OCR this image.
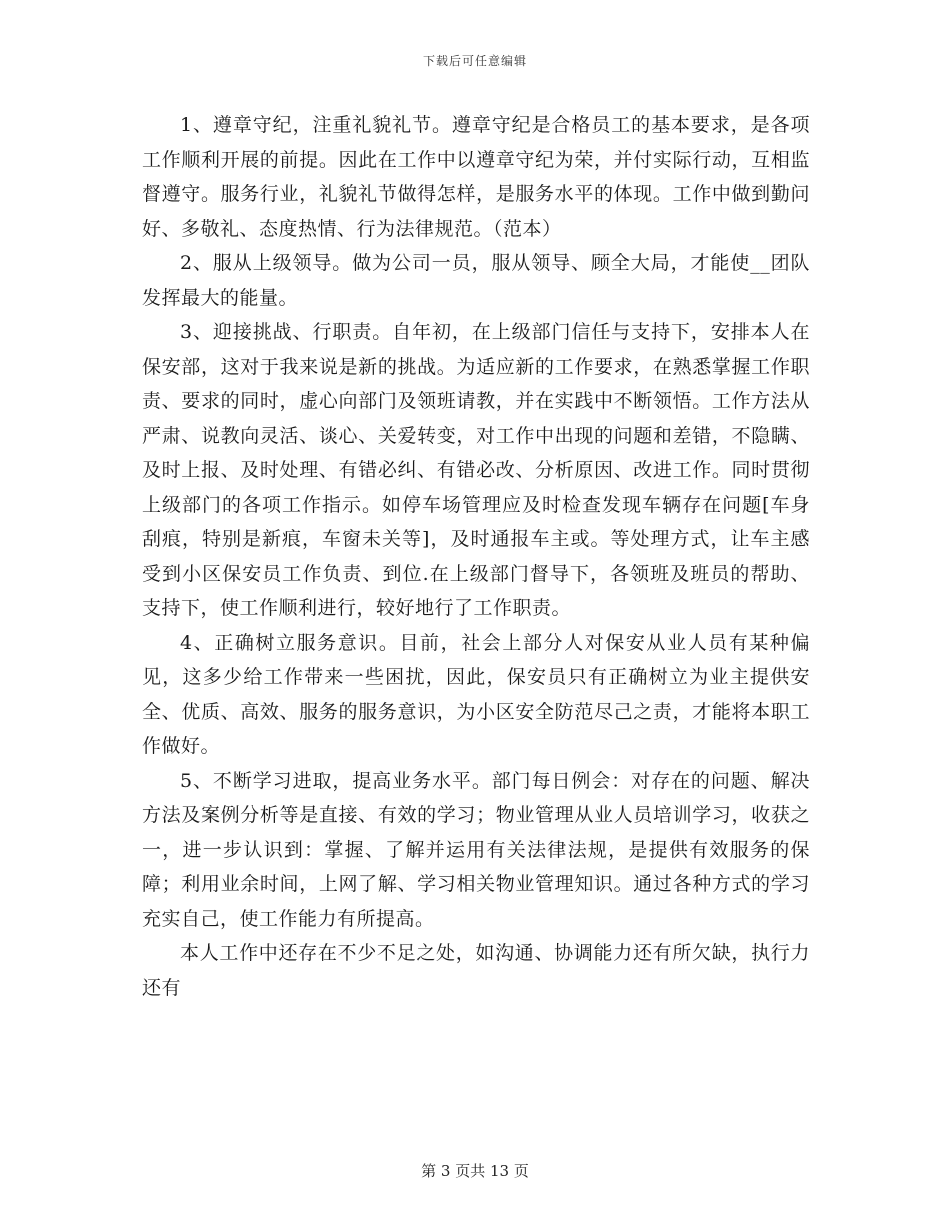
下载后可任意编辑

1、遵章守纪，注重礼貌礼节。遵章守纪是合格员工的基本要求，是各项工作顺利开展的前提。因此在工作中以遵章守纪为荣，并付实际行动，互相监督遵守。服务行业，礼貌礼节做得怎样，是服务水平的体现。工作中做到勤问好、多敬礼、态度热情、行为法律规范。（范本）

2、服从上级领导。做为公司一员，服从领导、顾全大局，才能使__团队发挥最大的能量。

3、迎接挑战、行职责。自年初，在上级部门信任与支持下，安排本人在保安部，这对于我来说是新的挑战。为适应新的工作要求，在熟悉掌握工作职责、要求的同时，虚心向部门及领班请教，并在实践中不断领悟。工作方法从严肃、说教向灵活、谈心、关爱转变，对工作中出现的问题和差错，不隐瞒、及时上报、及时处理、有错必纠、有错必改、分析原因、改进工作。同时贯彻上级部门的各项工作指示。如停车场管理应及时检查发现车辆存在问题[车身刮痕，特别是新痕，车窗未关等]，及时通报车主或。等处理方式，让车主感受到小区保安员工作负责、到位.在上级部门督导下，各领班及班员的帮助、支持下，使工作顺利进行，较好地行了工作职责。

4、正确树立服务意识。目前，社会上部分人对保安从业人员有某种偏见，这多少给工作带来一些困扰，因此，保安员只有正确树立为业主提供安全、优质、高效、服务的服务意识，为小区安全防范尽己之责，才能将本职工作做好。

5、不断学习进取，提高业务水平。部门每日例会：对存在的问题、解决方法及案例分析等是直接、有效的学习；物业管理从业人员培训学习，收获之一，进一步认识到：掌握、了解并运用有关法律法规，是提供有效服务的保障；利用业余时间，上网了解、学习相关物业管理知识。通过各种方式的学习充实自己，使工作能力有所提高。

本人工作中还存在不少不足之处，如沟通、协调能力还有所欠缺，执行力还有

第 3 页共 13 页
